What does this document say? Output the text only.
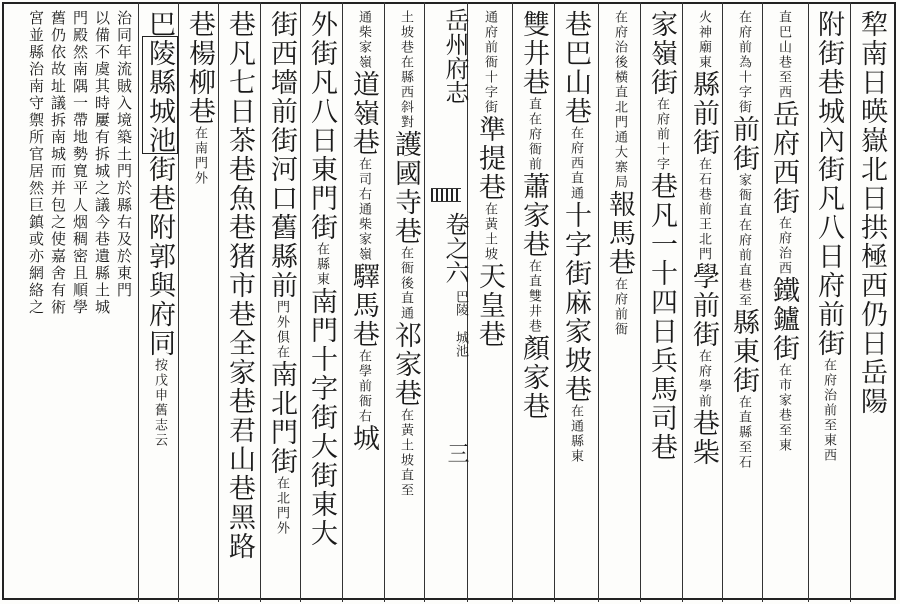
岳州府志
卷之六
巴陵 城池
三
犂南日暎嶽北日拱極西仍日岳陽
附街巷城內街凡八日府前街在府治前至東西
直巴山巷至西岳府西街在府治西鐵鑪街在市家巷至東
在府前為十字街前街家衙直在府前直巷至縣東街在直縣至石
火神廟東縣前街在石巷前王北門學前街在府學前巷柴
家嶺街在府前十字巷凡一十四日兵馬司巷
在府治後橫直北門通大寨局報馬巷在府前衙
巷巴山巷在府西直通十字街麻家坡巷在通縣東
雙井巷直在府衙前蕭家巷在直雙井巷顏家巷
通府前衙十字街準提巷在黃土坡天皇巷
土坡巷在縣西斜對護國寺巷在衙後直通祁家巷在黃土坡直至
通柴家嶺道嶺巷在司右通柴家嶺驛馬巷在學前衙右城
外街凡八日東門街在縣東南門十字街大街東大
街西墻前街河口舊縣前門外俱在南北門街在北門外
巷凡七日茶巷魚巷猪市巷全家巷君山巷黑路
巷楊柳巷在南門外
巴陵縣城池街巷附郭與府同按戊申舊志云
治同年流賊入境築土門於縣右及於東門
以備不虞其時屢有拆城之議今巷遺縣土城
門殿然南隅一帶地勢寬平人烟稠密且順學
舊仍依故址議拆南城而并包之使嘉舍有術
宮並縣治南守禦所官居然巨鎮或亦網絡之
